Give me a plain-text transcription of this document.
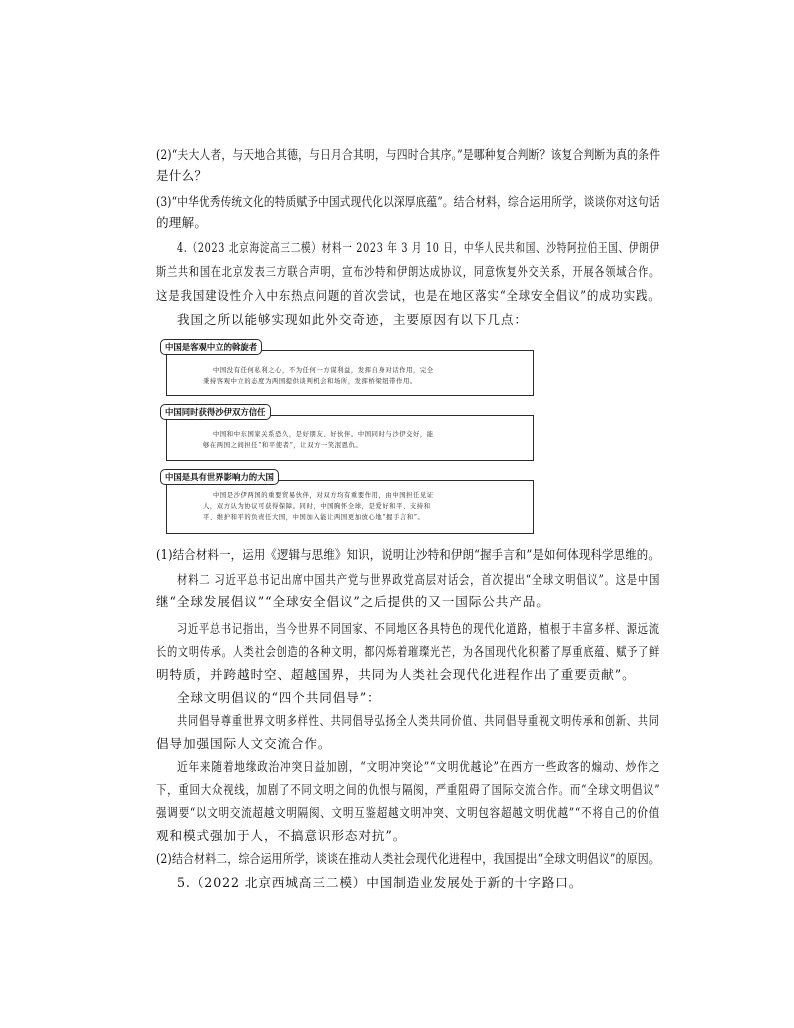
(2)“夫大人者，与天地合其德，与日月合其明，与四时合其序。”是哪种复合判断？该复合判断为真的条件
是什么？
(3)“中华优秀传统文化的特质赋予中国式现代化以深厚底蕴”。结合材料，综合运用所学，谈谈你对这句话
的理解。
4.（2023 北京海淀高三二模）材料一 2023 年 3 月 10 日，中华人民共和国、沙特阿拉伯王国、伊朗伊
斯兰共和国在北京发表三方联合声明，宣布沙特和伊朗达成协议，同意恢复外交关系，开展各领域合作。
这是我国建设性介入中东热点问题的首次尝试，也是在地区落实“全球安全倡议”的成功实践。
我国之所以能够实现如此外交奇迹，主要原因有以下几点：
中国没有任何私利之心，不为任何一方谋利益，发挥自身对话作用，完全
秉持客观中立的态度为两国提供谈判机会和场所，发挥桥梁纽带作用。
中国是客观中立的斡旋者
中国和中东国家关系恐久，是好朋友、好伙伴。中国同时与沙伊交好，能
够在两国之间担任“和平使者”，让双方一笑泯恩仇。
中国同时获得沙伊双方信任
中国是沙伊两国的重要贸易伙伴，对双方均有重要作用，由中国担任见证
人，双方认为协议可获得保障。同时，中国胸怀全球，是爱好和平、支持和
平、维护和平的负责任大国，中国加入能让两国更加放心地“握手言和”。
中国是具有世界影响力的大国
(1)结合材料一，运用《逻辑与思维》知识，说明让沙特和伊朗“握手言和”是如何体现科学思维的。
材料二 习近平总书记出席中国共产党与世界政党高层对话会，首次提出“全球文明倡议”。这是中国
继“全球发展倡议”“全球安全倡议”之后提供的又一国际公共产品。
习近平总书记指出，当今世界不同国家、不同地区各具特色的现代化道路，植根于丰富多样、源远流
长的文明传承。人类社会创造的各种文明，都闪烁着璀璨光芒，为各国现代化积蓄了厚重底蕴、赋予了鲜
明特质，并跨越时空、超越国界，共同为人类社会现代化进程作出了重要贡献”。
全球文明倡议的“四个共同倡导”：
共同倡导尊重世界文明多样性、共同倡导弘扬全人类共同价值、共同倡导重视文明传承和创新、共同
倡导加强国际人文交流合作。
近年来随着地缘政治冲突日益加剧，“文明冲突论”“文明优越论”在西方一些政客的煽动、炒作之
下，重回大众视线，加剧了不同文明之间的仇恨与隔阂，严重阻碍了国际交流合作。而“全球文明倡议”
强调要“以文明交流超越文明隔阂、文明互鉴超越文明冲突、文明包容超越文明优越”“不将自己的价值
观和模式强加于人，不搞意识形态对抗”。
(2)结合材料二，综合运用所学，谈谈在推动人类社会现代化进程中，我国提出“全球文明倡议”的原因。
5.（2022 北京西城高三二模）中国制造业发展处于新的十字路口。
